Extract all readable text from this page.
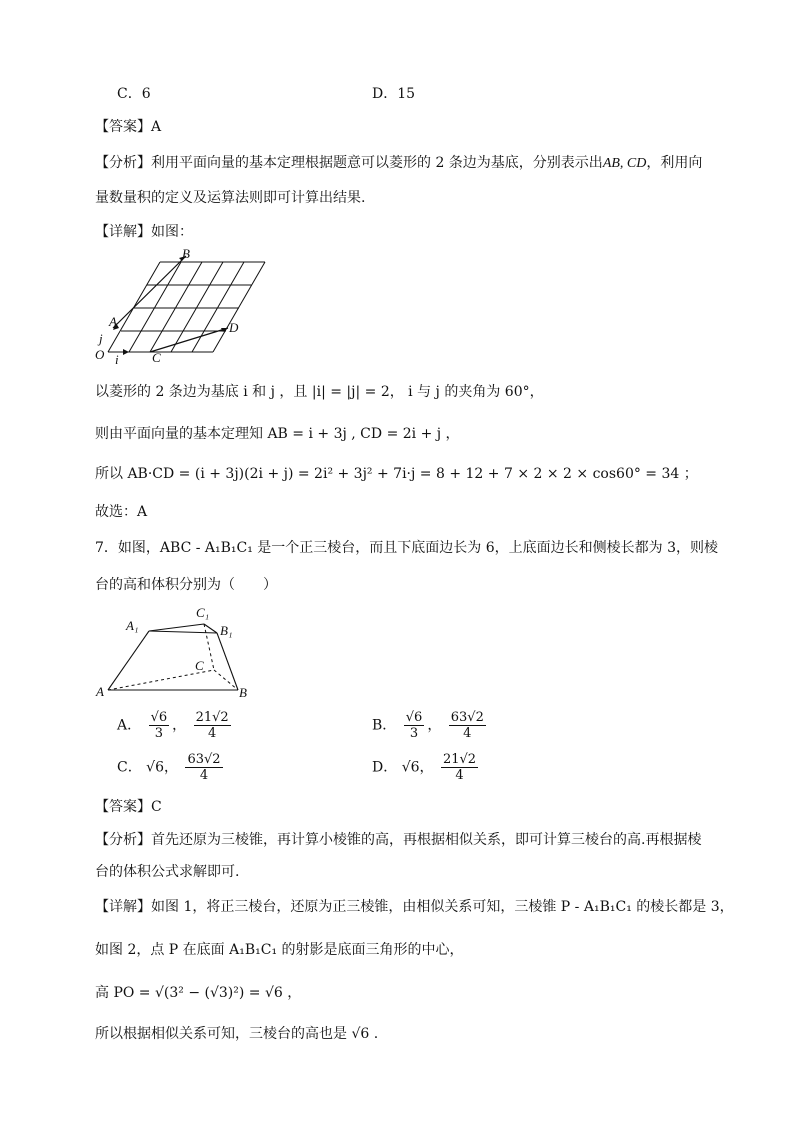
C．6	D．15
【答案】A
【分析】利用平面向量的基本定理根据题意可以菱形的 2 条边为基底，分别表示出AB, CD，利用向
量数量积的定义及运算法则即可计算出结果.
【详解】如图：
B
A	D
j
O i	C
以菱形的 2 条边为基底 i 和 j ，且 |i| = |j| = 2， i 与 j 的夹角为 60°，
则由平面向量的基本定理知 AB = i + 3j , CD = 2i + j ，
所以 AB·CD = (i + 3j)(2i + j) = 2i² + 3j² + 7i·j = 8 + 12 + 7 × 2 × 2 × cos60° = 34 ；
故选：A
7．如图，ABC - A₁B₁C₁ 是一个正三棱台，而且下底面边长为 6，上底面边长和侧棱长都为 3，则棱
台的高和体积分别为（　　）
C₁
A₁	B₁
C
A	B
A． $\frac{√6}{3}$ ， $\frac{21√2}{4}$	B． $\frac{√6}{3}$ ， $\frac{63√2}{4}$
C． √6， $\frac{63√2}{4}$	D． √6， $\frac{21√2}{4}$
【答案】C
【分析】首先还原为三棱锥，再计算小棱锥的高，再根据相似关系，即可计算三棱台的高.再根据棱
台的体积公式求解即可.
【详解】如图 1，将正三棱台，还原为正三棱锥，由相似关系可知，三棱锥 P - A₁B₁C₁ 的棱长都是 3，
如图 2，点 P 在底面 A₁B₁C₁ 的射影是底面三角形的中心，
高 PO = √(3² − (√3)²) = √6 ，
所以根据相似关系可知，三棱台的高也是 √6 .
